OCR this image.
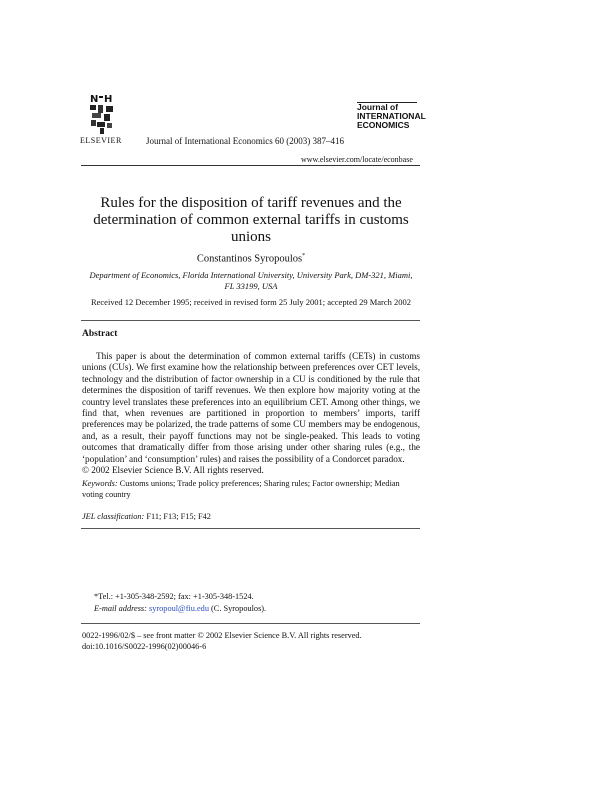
N H
ELSEVIER	Journal of International Economics 60 (2003) 387–416
Journal of
INTERNATIONAL
ECONOMICS
www.elsevier.com/locate/econbase
Rules for the disposition of tariff revenues and the determination of common external tariffs in customs unions
Constantinos Syropoulos*
Department of Economics, Florida International University, University Park, DM-321, Miami,
FL 33199, USA
Received 12 December 1995; received in revised form 25 July 2001; accepted 29 March 2002
Abstract
This paper is about the determination of common external tariffs (CETs) in customs unions (CUs). We first examine how the relationship between preferences over CET levels, technology and the distribution of factor ownership in a CU is conditioned by the rule that determines the disposition of tariff revenues. We then explore how majority voting at the country level translates these preferences into an equilibrium CET. Among other things, we find that, when revenues are partitioned in proportion to members’ imports, tariff preferences may be polarized, the trade patterns of some CU members may be endogenous, and, as a result, their payoff functions may not be single-peaked. This leads to voting outcomes that dramatically differ from those arising under other sharing rules (e.g., the ‘population’ and ‘consumption’ rules) and raises the possibility of a Condorcet paradox.
© 2002 Elsevier Science B.V. All rights reserved.
Keywords: Customs unions; Trade policy preferences; Sharing rules; Factor ownership; Median voting country
JEL classification: F11; F13; F15; F42
*Tel.: +1-305-348-2592; fax: +1-305-348-1524.
E-mail address: syropoul@fiu.edu (C. Syropoulos).
0022-1996/02/$ – see front matter © 2002 Elsevier Science B.V. All rights reserved.
doi:10.1016/S0022-1996(02)00046-6
